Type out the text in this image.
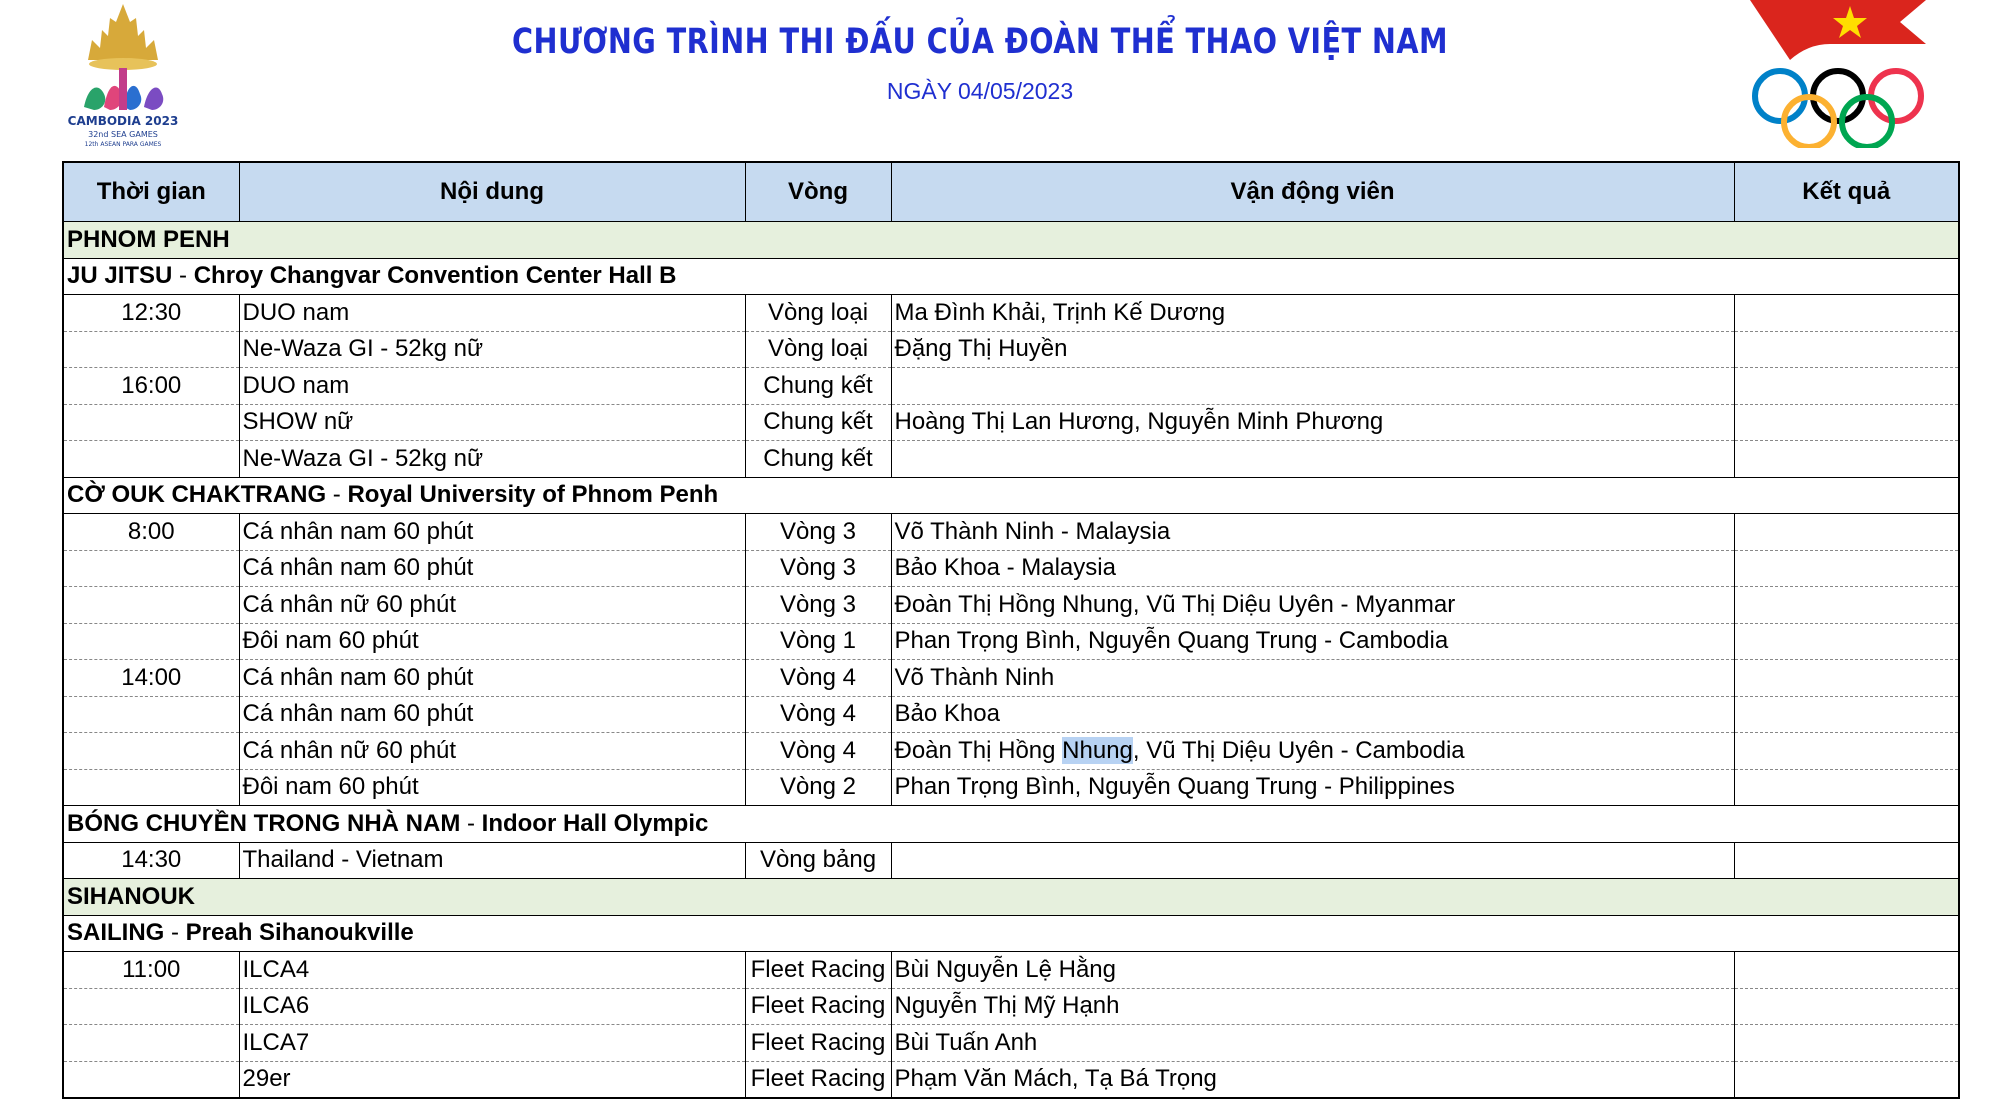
CAMBODIA 2023
32nd SEA GAMES
12th ASEAN PARA GAMES
CHƯƠNG TRÌNH THI ĐẤU CỦA ĐOÀN THỂ THAO VIỆT NAM
NGÀY 04/05/2023
Thời gian	Nội dung	Vòng	Vận động viên	Kết quả
PHNOM PENH				
JU JITSU - Chroy Changvar Convention Center Hall B				
12:30	DUO nam	Vòng loại	Ma Đình Khải, Trịnh Kế Dương	
	Ne-Waza GI - 52kg nữ	Vòng loại	Đặng Thị Huyền	
16:00	DUO nam	Chung kết		
	SHOW nữ	Chung kết	Hoàng Thị Lan Hương, Nguyễn Minh Phương	
	Ne-Waza GI - 52kg nữ	Chung kết		
CỜ OUK CHAKTRANG - Royal University of Phnom Penh				
8:00	Cá nhân nam 60 phút	Vòng 3	Võ Thành Ninh - Malaysia	
	Cá nhân nam 60 phút	Vòng 3	Bảo Khoa - Malaysia	
	Cá nhân nữ 60 phút	Vòng 3	Đoàn Thị Hồng Nhung, Vũ Thị Diệu Uyên - Myanmar	
	Đôi nam 60 phút	Vòng 1	Phan Trọng Bình, Nguyễn Quang Trung - Cambodia	
14:00	Cá nhân nam 60 phút	Vòng 4	Võ Thành Ninh	
	Cá nhân nam 60 phút	Vòng 4	Bảo Khoa	
	Cá nhân nữ 60 phút	Vòng 4	Đoàn Thị Hồng Nhung, Vũ Thị Diệu Uyên - Cambodia	
	Đôi nam 60 phút	Vòng 2	Phan Trọng Bình, Nguyễn Quang Trung - Philippines	
BÓNG CHUYỀN TRONG NHÀ NAM - Indoor Hall Olympic				
14:30	Thailand - Vietnam	Vòng bảng		
SIHANOUK				
SAILING - Preah Sihanoukville				
11:00	ILCA4	Fleet Racing	Bùi Nguyễn Lệ Hằng	
	ILCA6	Fleet Racing	Nguyễn Thị Mỹ Hạnh	
	ILCA7	Fleet Racing	Bùi Tuấn Anh	
	29er	Fleet Racing	Phạm Văn Mách, Tạ Bá Trọng	
